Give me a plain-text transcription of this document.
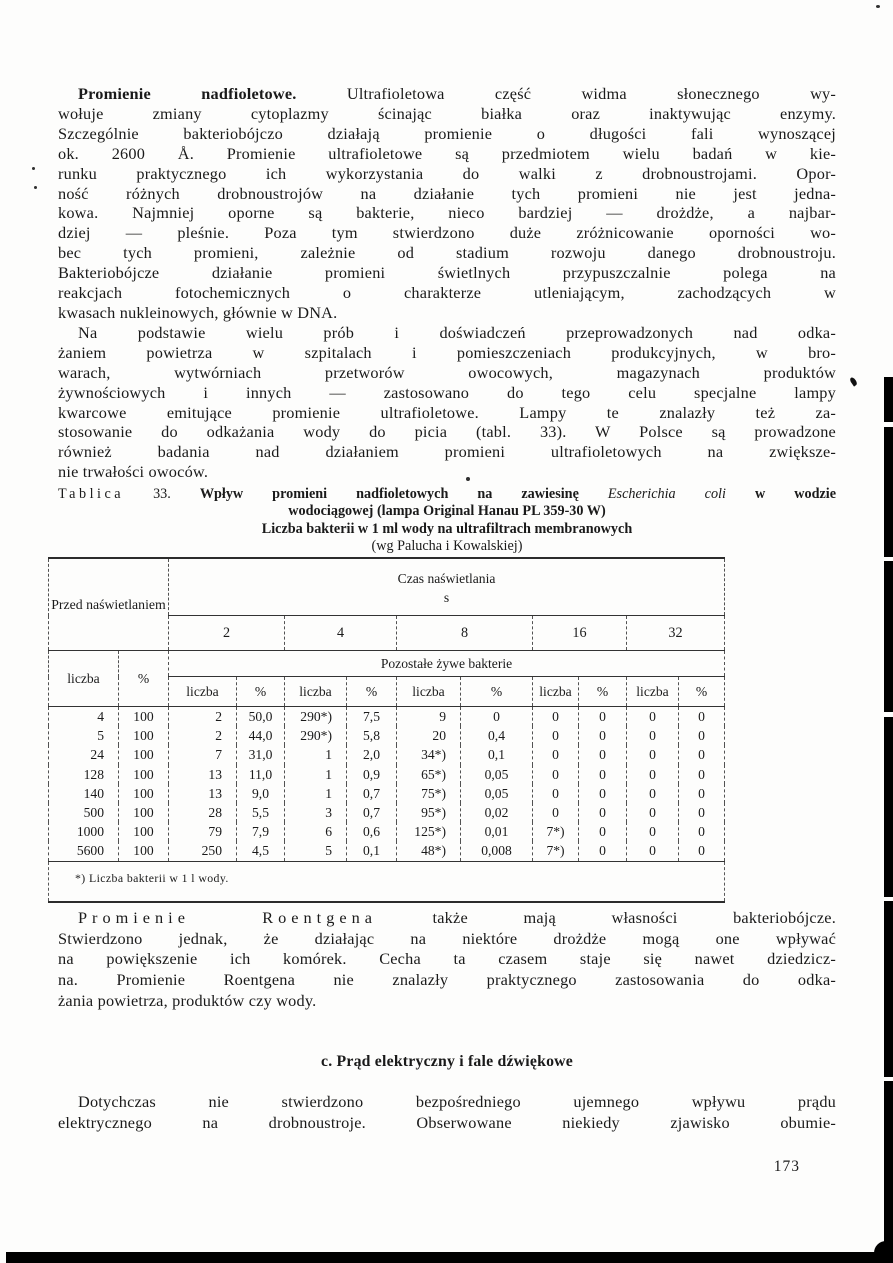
Promienie nadfioletowe.	Ultrafioletowa część widma słonecznego wy-
wołuje zmiany cytoplazmy ścinając białka oraz inaktywując enzymy.
Szczególnie bakteriobójczo działają promienie o długości fali wynoszącej
ok. 2600 Å. Promienie ultrafioletowe są przedmiotem wielu badań w kie-
runku praktycznego ich wykorzystania do walki z drobnoustrojami. Opor-
ność różnych drobnoustrojów na działanie tych promieni nie jest jedna-
kowa. Najmniej oporne są bakterie, nieco bardziej — drożdże, a najbar-
dziej — pleśnie. Poza tym stwierdzono duże zróżnicowanie oporności wo-
bec tych promieni, zależnie od stadium rozwoju danego drobnoustroju.
Bakteriobójcze działanie promieni świetlnych przypuszczalnie polega na
reakcjach fotochemicznych o charakterze utleniającym, zachodzących w
kwasach nukleinowych, głównie w DNA.
Na podstawie wielu prób i doświadczeń przeprowadzonych nad odka-
żaniem powietrza w szpitalach i pomieszczeniach produkcyjnych, w bro-
warach, wytwórniach przetworów owocowych, magazynach produktów
żywnościowych i innych — zastosowano do tego celu specjalne lampy
kwarcowe emitujące promienie ultrafioletowe. Lampy te znalazły też za-
stosowanie do odkażania wody do picia (tabl. 33). W Polsce są prowadzone
również badania nad działaniem promieni ultrafioletowych na zwiększe-
nie trwałości owoców.
Tablica 33. Wpływ promieni nadfioletowych na zawiesinę Escherichia coli w wodzie
wodociągowej (lampa Original Hanau PL 359-30 W)
Liczba bakterii w 1 ml wody na ultrafiltrach membranowych
(wg Palucha i Kowalskiej)
Przed naświetlaniem		Czas naświetlania
s									

		2		4		8		16		32	
liczba	%	Pozostałe żywe bakterie									
		liczba	%	liczba	%	liczba	%	liczba	%	liczba	%
4	100	2	50,0	290*)	7,5	9	0	0	0	0	0
5	100	2	44,0	290*)	5,8	20	0,4	0	0	0	0
24	100	7	31,0	1	2,0	34*)	0,1	0	0	0	0
128	100	13	11,0	1	0,9	65*)	0,05	0	0	0	0
140	100	13	9,0	1	0,7	75*)	0,05	0	0	0	0
500	100	28	5,5	3	0,7	95*)	0,02	0	0	0	0
1000	100	79	7,9	6	0,6	125*)	0,01	7*)	0	0	0
5600	100	250	4,5	5	0,1	48*)	0,008	7*)	0	0	0
*) Liczba bakterii w 1 l wody.											
Promienie Roentgena	także mają własności bakteriobójcze.
Stwierdzono jednak, że działając na niektóre drożdże mogą one wpływać
na powiększenie ich komórek. Cecha ta czasem staje się nawet dziedzicz-
na. Promienie Roentgena nie znalazły praktycznego zastosowania do odka-
żania powietrza, produktów czy wody.
c. Prąd elektryczny i fale dźwiękowe
Dotychczas nie stwierdzono bezpośredniego ujemnego wpływu prądu
elektrycznego na drobnoustroje. Obserwowane niekiedy zjawisko obumie-
173
